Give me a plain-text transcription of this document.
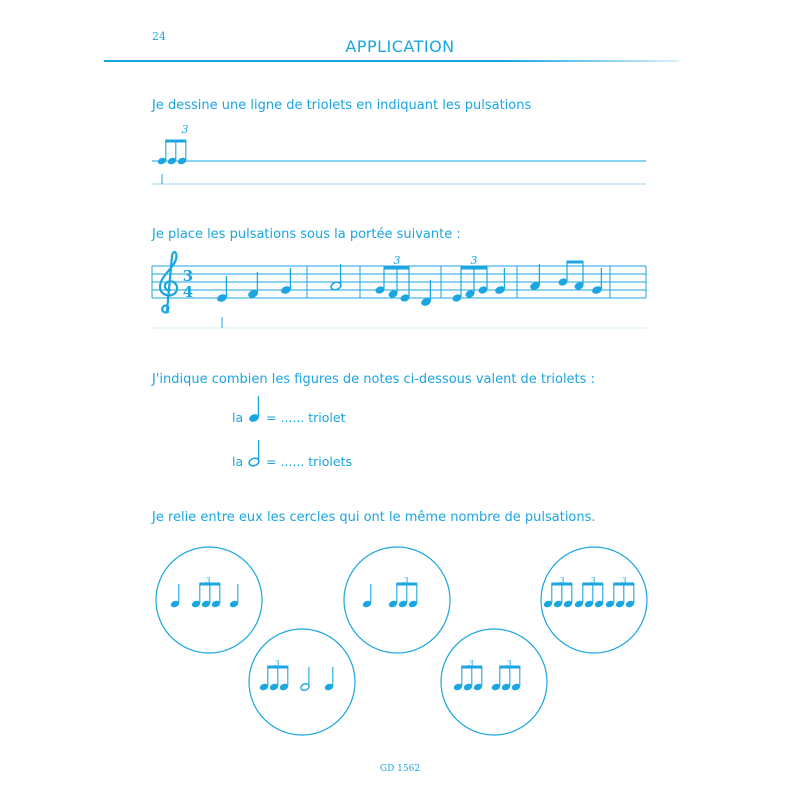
24
APPLICATION
Je dessine une ligne de triolets en indiquant les pulsations
Je place les pulsations sous la portée suivante :
J'indique combien les figures de notes ci-dessous valent de triolets :
Je relie entre eux les cercles qui ont le même nombre de pulsations.
la = ...... triolet
la = ...... triolets
GD 1562
3
3
4
3	3
3	3	3	3	3
3	3	3
